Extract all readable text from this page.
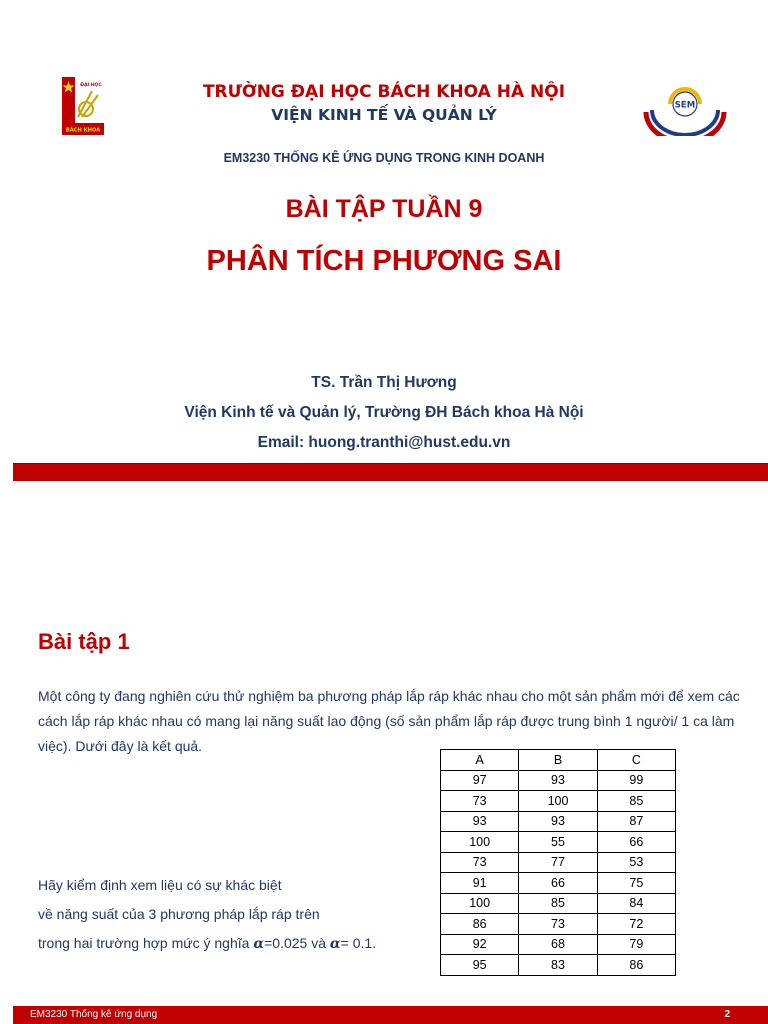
ĐẠI HỌC
BÁCH KHOA
SEM
TRƯỜNG ĐẠI HỌC BÁCH KHOA HÀ NỘI
VIỆN KINH TẾ VÀ QUẢN LÝ
EM3230 THỐNG KÊ ỨNG DỤNG TRONG KINH DOANH
BÀI TẬP TUẦN 9
PHÂN TÍCH PHƯƠNG SAI
TS. Trần Thị Hương
Viện Kinh tế và Quản lý, Trường ĐH Bách khoa Hà Nội
Email: huong.tranthi@hust.edu.vn
Bài tập 1
Một công ty đang nghiên cứu thử nghiệm ba phương pháp lắp ráp khác nhau cho một sản phẩm mới để xem các cách lắp ráp khác nhau có mang lại năng suất lao động (số sản phẩm lắp ráp được trung bình 1 người/ 1 ca làm việc). Dưới đây là kết quả.
Hãy kiểm định xem liệu có sự khác biệt
về năng suất của 3 phương pháp lắp ráp trên
trong hai trường hợp mức ý nghĩa α=0.025 và α= 0.1.
A	B	C
97	93	99
73	100	85
93	93	87
100	55	66
73	77	53
91	66	75
100	85	84
86	73	72
92	68	79
95	83	86
EM3230 Thống kê ứng dụng	2
